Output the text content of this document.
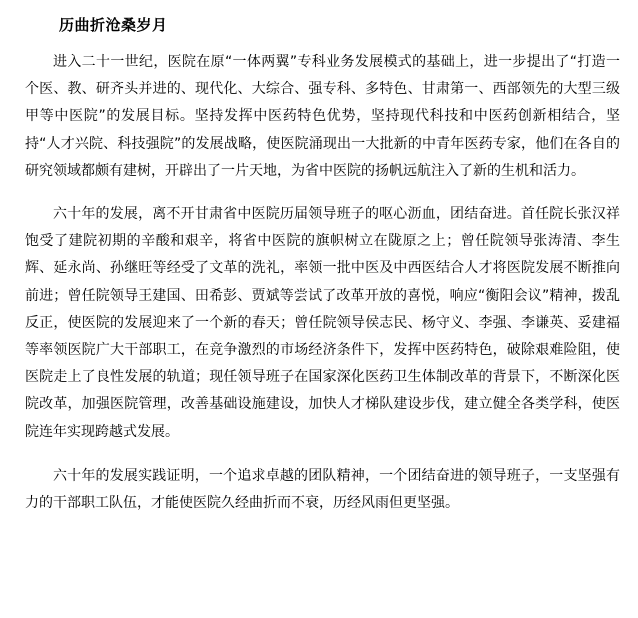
历曲折沧桑岁月

进入二十一世纪，医院在原“一体两翼”专科业务发展模式的基础上，进一步提出了“打造一个医、教、研齐头并进的、现代化、大综合、强专科、多特色、甘肃第一、西部领先的大型三级甲等中医院”的发展目标。坚持发挥中医药特色优势，坚持现代科技和中医药创新相结合，坚持“人才兴院、科技强院”的发展战略，使医院涌现出一大批新的中青年医药专家，他们在各自的研究领域都颇有建树，开辟出了一片天地，为省中医院的扬帆远航注入了新的生机和活力。

六十年的发展，离不开甘肃省中医院历届领导班子的呕心沥血，团结奋进。首任院长张汉祥饱受了建院初期的辛酸和艰辛，将省中医院的旗帜树立在陇原之上；曾任院领导张涛清、李生辉、延永尚、孙继旺等经受了文革的洗礼，率领一批中医及中西医结合人才将医院发展不断推向前进；曾任院领导王建国、田希彭、贾斌等尝试了改革开放的喜悦，响应“衡阳会议”精神，拨乱反正，使医院的发展迎来了一个新的春天；曾任院领导侯志民、杨守义、李强、李谦英、妥建福等率领医院广大干部职工，在竞争激烈的市场经济条件下，发挥中医药特色，破除艰难险阻，使医院走上了良性发展的轨道；现任领导班子在国家深化医药卫生体制改革的背景下，不断深化医院改革，加强医院管理，改善基础设施建设，加快人才梯队建设步伐，建立健全各类学科，使医院连年实现跨越式发展。

六十年的发展实践证明，一个追求卓越的团队精神，一个团结奋进的领导班子，一支坚强有力的干部职工队伍，才能使医院久经曲折而不衰，历经风雨但更坚强。
